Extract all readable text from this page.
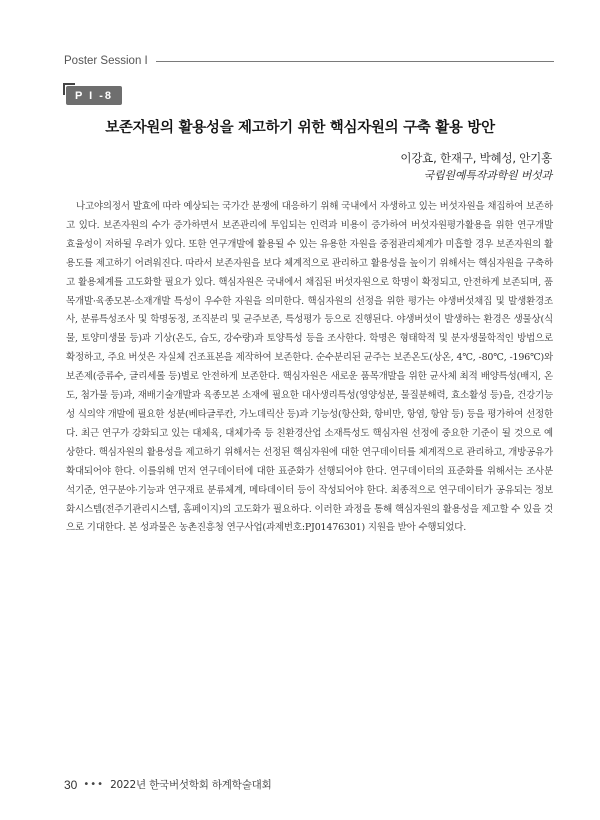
Poster Session I
P I -8
보존자원의 활용성을 제고하기 위한 핵심자원의 구축 활용 방안
이강효, 한재구, 박혜성, 안기홍
국립원예특작과학원 버섯과

나고야의정서 발효에 따라 예상되는 국가간 분쟁에 대응하기 위해 국내에서 자생하고 있는 버섯자원을 채집하여 보존하고 있다. 보존자원의 수가 증가하면서 보존관리에 투입되는 인력과 비용이 증가하여 버섯자원평가활용을 위한 연구개발 효율성이 저하될 우려가 있다. 또한 연구개발에 활용될 수 있는 유용한 자원을 중점관리체계가 미흡할 경우 보존자원의 활용도를 제고하기 어려워진다. 따라서 보존자원을 보다 체계적으로 관리하고 활용성을 높이기 위해서는 핵심자원을 구축하고 활용체계를 고도화할 필요가 있다. 핵심자원은 국내에서 채집된 버섯자원으로 학명이 확정되고, 안전하게 보존되며, 품목개발·육종모본·소재개발 특성이 우수한 자원을 의미한다. 핵심자원의 선정을 위한 평가는 야생버섯채집 및 발생환경조사, 분류특성조사 및 학명동정, 조직분리 및 균주보존, 특성평가 등으로 진행된다. 야생버섯이 발생하는 환경은 생물상(식물, 토양미생물 등)과 기상(온도, 습도, 강수량)과 토양특성 등을 조사한다. 학명은 형태학적 및 분자생물학적인 방법으로 확정하고, 주요 버섯은 자실체 건조표본을 제작하여 보존한다. 순수분리된 균주는 보존온도(상온, 4℃, -80℃, -196℃)와 보존제(증류수, 글리세롤 등)별로 안전하게 보존한다. 핵심자원은 새로운 품목개발을 위한 균사체 최적 배양특성(배지, 온도, 첨가물 등)과, 재배기술개발과 육종모본 소재에 필요한 대사생리특성(영양성분, 물질분해력, 효소활성 등)을, 건강기능성 식의약 개발에 필요한 성분(베타글루칸, 가노데릭산 등)과 기능성(항산화, 항비만, 항염, 항암 등) 등을 평가하여 선정한다. 최근 연구가 강화되고 있는 대체육, 대체가죽 등 친환경산업 소재특성도 핵심자원 선정에 중요한 기준이 될 것으로 예상한다. 핵심자원의 활용성을 제고하기 위해서는 선정된 핵심자원에 대한 연구데이터를 체계적으로 관리하고, 개방공유가 확대되어야 한다. 이를위해 먼저 연구데이터에 대한 표준화가 선행되어야 한다. 연구데이터의 표준화를 위해서는 조사분석기준, 연구분야·기능과 연구재료 분류체계, 메타데이터 등이 작성되어야 한다. 최종적으로 연구데이터가 공유되는 정보화시스템(전주기관리시스템, 홈페이지)의 고도화가 필요하다. 이러한 과정을 통해 핵심자원의 활용성을 제고할 수 있을 것으로 기대한다. 본 성과물은 농촌진흥청 연구사업(과제번호:PJ01476301) 지원을 받아 수행되었다.

30 ••• 2022년 한국버섯학회 하계학술대회
